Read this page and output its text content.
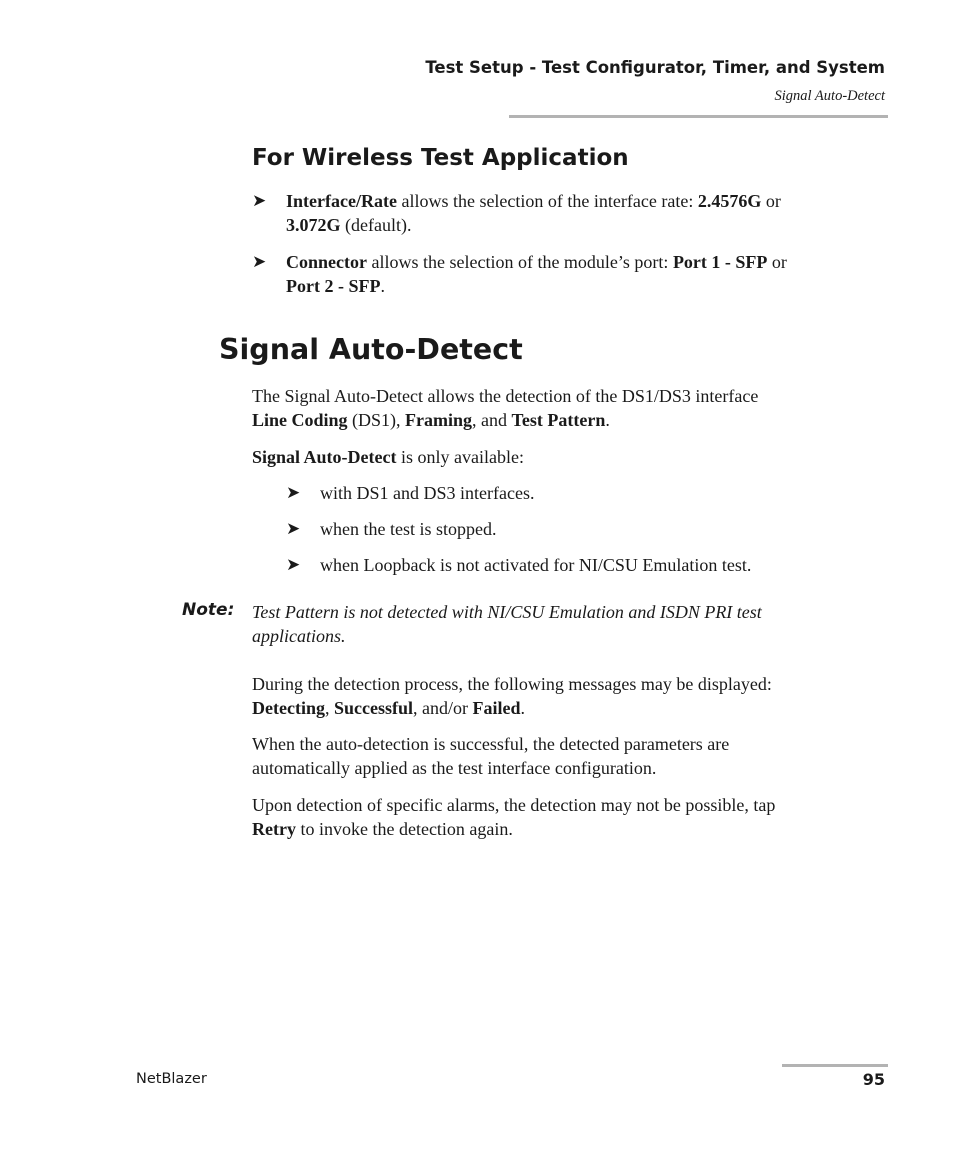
Test Setup - Test Configurator, Timer, and System
Signal Auto-Detect
For Wireless Test Application
➤ Interface/Rate allows the selection of the interface rate: 2.4576G or
3.072G (default).
➤ Connector allows the selection of the module’s port: Port 1 - SFP or
Port 2 - SFP.
Signal Auto-Detect
The Signal Auto-Detect allows the detection of the DS1/DS3 interface
Line Coding (DS1), Framing, and Test Pattern.
Signal Auto-Detect is only available:
➤ with DS1 and DS3 interfaces.
➤ when the test is stopped.
➤ when Loopback is not activated for NI/CSU Emulation test.
Note: Test Pattern is not detected with NI/CSU Emulation and ISDN PRI test
applications.
During the detection process, the following messages may be displayed:
Detecting, Successful, and/or Failed.
When the auto-detection is successful, the detected parameters are
automatically applied as the test interface configuration.
Upon detection of specific alarms, the detection may not be possible, tap
Retry to invoke the detection again.
NetBlazer	95
